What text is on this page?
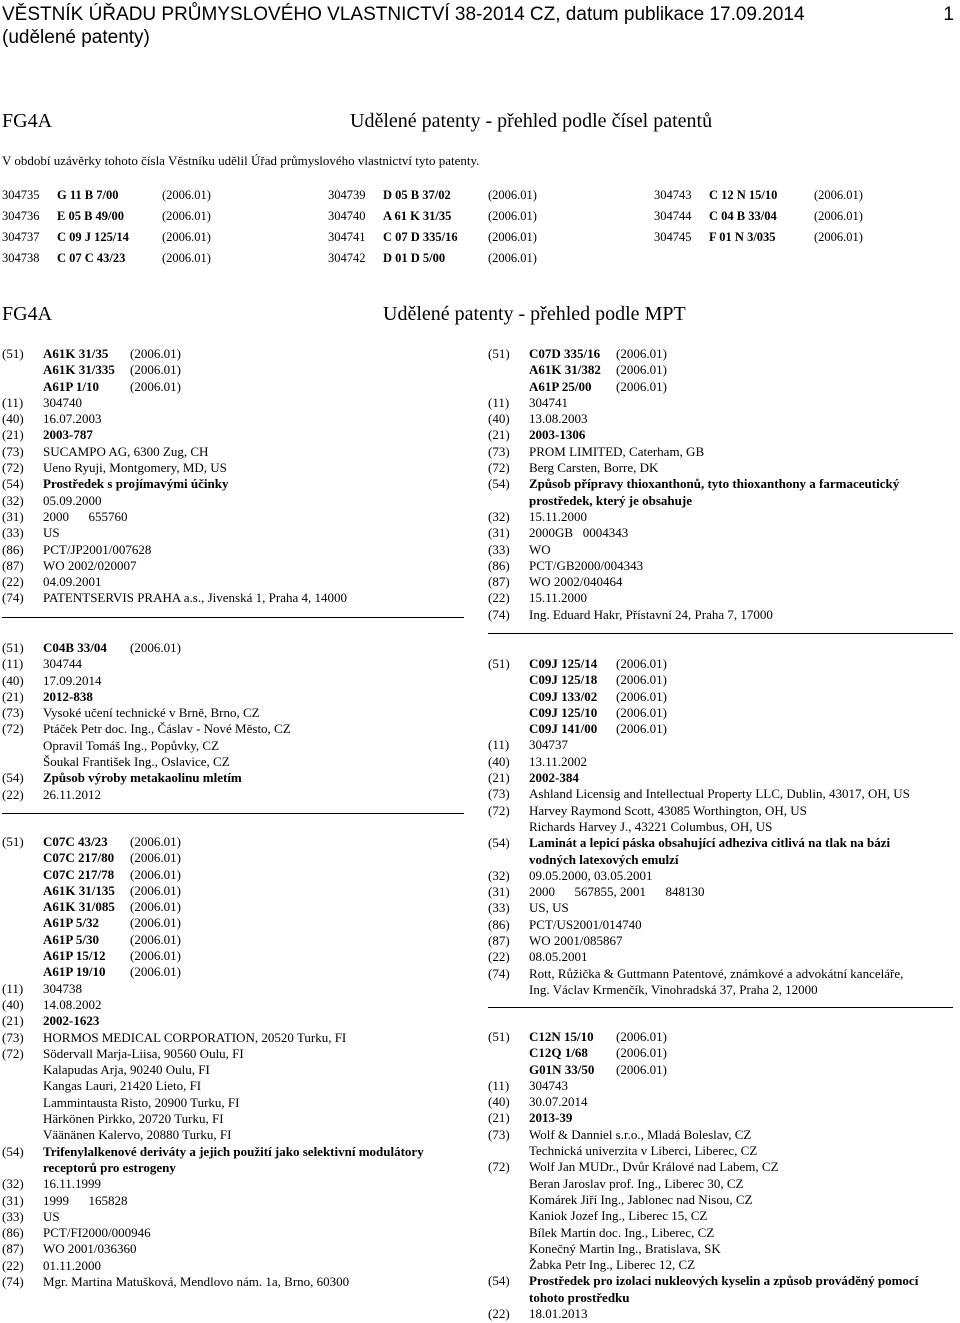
VĚSTNÍK ÚŘADU PRŮMYSLOVÉHO VLASTNICTVÍ 38-2014 CZ, datum publikace 17.09.2014
(udělené patenty)
1
FG4A	Udělené patenty - přehled podle čísel patentů
V období uzávěrky tohoto čísla Věstníku udělil Úřad průmyslového vlastnictví tyto patenty.
304735 G 11 B 7/00	(2006.01)
304736 E 05 B 49/00	(2006.01)
304737 C 09 J 125/14	(2006.01)
304738 C 07 C 43/23	(2006.01)
304739 D 05 B 37/02	(2006.01)
304740 A 61 K 31/35	(2006.01)
304741 C 07 D 335/16 (2006.01)
304742 D 01 D 5/00	(2006.01)
304743 C 12 N 15/10	(2006.01)
304744 C 04 B 33/04	(2006.01)
304745 F 01 N 3/035	(2006.01)
FG4A	Udělené patenty - přehled podle MPT
(51) A61K 31/35 (2006.01)
A61K 31/335 (2006.01)
A61P 1/10 (2006.01)
(11) 304740
(40) 16.07.2003
(21) 2003-787
(73) SUCAMPO AG, 6300 Zug, CH
(72) Ueno Ryuji, Montgomery, MD, US
(54) Prostředek s projímavými účinky
(32) 05.09.2000
(31) 2000      655760
(33) US
(86) PCT/JP2001/007628
(87) WO 2002/020007
(22) 04.09.2001
(74) PATENTSERVIS PRAHA a.s., Jivenská 1, Praha 4, 14000
(51) C04B 33/04 (2006.01)
(11) 304744
(40) 17.09.2014
(21) 2012-838
(73) Vysoké učení technické v Brně, Brno, CZ
(72) Ptáček Petr doc. Ing., Čáslav - Nové Město, CZ
Opravil Tomáš Ing., Popůvky, CZ
Šoukal František Ing., Oslavice, CZ
(54) Způsob výroby metakaolinu mletím
(22) 26.11.2012
(51) C07C 43/23 (2006.01)
C07C 217/80 (2006.01)
C07C 217/78 (2006.01)
A61K 31/135 (2006.01)
A61K 31/085 (2006.01)
A61P 5/32 (2006.01)
A61P 5/30 (2006.01)
A61P 15/12 (2006.01)
A61P 19/10 (2006.01)
(11) 304738
(40) 14.08.2002
(21) 2002-1623
(73) HORMOS MEDICAL CORPORATION, 20520 Turku, FI
(72) Södervall Marja-Liisa, 90560 Oulu, FI
Kalapudas Arja, 90240 Oulu, FI
Kangas Lauri, 21420 Lieto, FI
Lammintausta Risto, 20900 Turku, FI
Härkönen Pirkko, 20720 Turku, FI
Väänänen Kalervo, 20880 Turku, FI
(54) Trifenylalkenové deriváty a jejich použití jako selektivní modulátory
receptorů pro estrogeny
(32) 16.11.1999
(31) 1999      165828
(33) US
(86) PCT/FI2000/000946
(87) WO 2001/036360
(22) 01.11.2000
(74) Mgr. Martina Matušková, Mendlovo nám. 1a, Brno, 60300
(51) C07D 335/16 (2006.01)
A61K 31/382 (2006.01)
A61P 25/00 (2006.01)
(11) 304741
(40) 13.08.2003
(21) 2003-1306
(73) PROM LIMITED, Caterham, GB
(72) Berg Carsten, Borre, DK
(54) Způsob přípravy thioxanthonů, tyto thioxanthony a farmaceutický
prostředek, který je obsahuje
(32) 15.11.2000
(31) 2000GB   0004343
(33) WO
(86) PCT/GB2000/004343
(87) WO 2002/040464
(22) 15.11.2000
(74) Ing. Eduard Hakr, Přístavní 24, Praha 7, 17000
(51) C09J 125/14 (2006.01)
C09J 125/18 (2006.01)
C09J 133/02 (2006.01)
C09J 125/10 (2006.01)
C09J 141/00 (2006.01)
(11) 304737
(40) 13.11.2002
(21) 2002-384
(73) Ashland Licensig and Intellectual Property LLC, Dublin, 43017, OH, US
(72) Harvey Raymond Scott, 43085 Worthington, OH, US
Richards Harvey J., 43221 Columbus, OH, US
(54) Laminát a lepicí páska obsahující adheziva citlivá na tlak na bázi
vodných latexových emulzí
(32) 09.05.2000, 03.05.2001
(31) 2000      567855, 2001      848130
(33) US, US
(86) PCT/US2001/014740
(87) WO 2001/085867
(22) 08.05.2001
(74) Rott, Růžička & Guttmann Patentové, známkové a advokátní kanceláře,
Ing. Václav Krmenčík, Vinohradská 37, Praha 2, 12000
(51) C12N 15/10 (2006.01)
C12Q 1/68 (2006.01)
G01N 33/50 (2006.01)
(11) 304743
(40) 30.07.2014
(21) 2013-39
(73) Wolf & Danniel s.r.o., Mladá Boleslav, CZ
Technická univerzita v Liberci, Liberec, CZ
(72) Wolf Jan MUDr., Dvůr Králové nad Labem, CZ
Beran Jaroslav prof. Ing., Liberec 30, CZ
Komárek Jiří Ing., Jablonec nad Nisou, CZ
Kaniok Jozef Ing., Liberec 15, CZ
Bílek Martin doc. Ing., Liberec, CZ
Konečný Martin Ing., Bratislava, SK
Žabka Petr Ing., Liberec 12, CZ
(54) Prostředek pro izolaci nukleových kyselin a způsob prováděný pomocí
tohoto prostředku
(22) 18.01.2013
